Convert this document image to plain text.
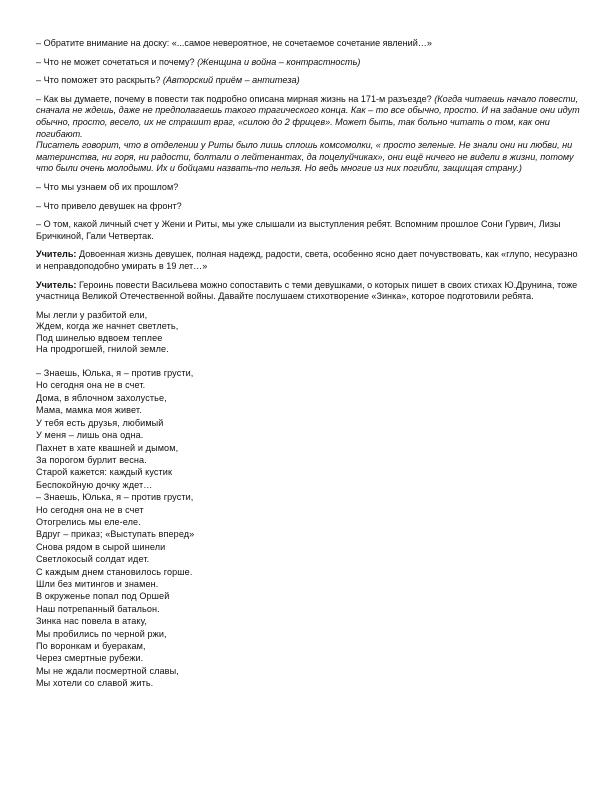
– Обратите внимание на доску: «...самое невероятное, не сочетаемое сочетание явлений…»

– Что не может сочетаться и почему? (Женщина и война – контрастность)

– Что поможет это раскрыть? (Авторский приём – антитеза)

– Как вы думаете, почему в повести так подробно описана мирная жизнь на 171-м разъезде? (Когда читаешь начало повести, сначала не ждешь, даже не предполагаешь такого трагического конца. Как – то все обычно, просто. И на задание они идут обычно, просто, весело, их не страшит враг, «силою до 2 фрицев». Может быть, так больно читать о том, как они погибают.

Писатель говорит, что в отделении у Риты было лишь сплошь комсомолки, « просто зеленые. Не знали они ни любви, ни материнства, ни горя, ни радости, болтали о лейтенантах, да поцелуйчиках», они ещё ничего не видели в жизни, потому что были очень молодыми. Их и бойцами назвать-то нельзя. Но ведь многие из них погибли, защищая страну.)

– Что мы узнаем об их прошлом?

– Что привело девушек на фронт?

– О том, какой личный счет у Жени и Риты, мы уже слышали из выступления ребят. Вспомним прошлое Сони Гурвич, Лизы Бричкиной, Гали Четвертак.

Учитель: Довоенная жизнь девушек, полная надежд, радости, света, особенно ясно дает почувствовать, как «глупо, несуразно и неправдоподобно умирать в 19 лет…»

Учитель: Героинь повести Васильева можно сопоставить с теми девушками, о которых пишет в своих стихах Ю.Друнина, тоже участница Великой Отечественной войны. Давайте послушаем стихотворение «Зинка», которое подготовили ребята.

Мы легли у разбитой ели,
Ждем, когда же начнет светлеть,
Под шинелью вдвоем теплее
На продрогшей, гнилой земле.
– Знаешь, Юлька, я – против грусти,
Но сегодня она не в счет.
Дома, в яблочном захолустье,
Мама, мамка моя живет.
У тебя есть друзья, любимый
У меня – лишь она одна.
Пахнет в хате квашней и дымом,
За порогом бурлит весна.
Старой кажется: каждый кустик
Беспокойную дочку ждет…
– Знаешь, Юлька, я – против грусти,
Но сегодня она не в счет
Отогрелись мы еле-еле.
Вдруг – приказ; «Выступать вперед»
Снова рядом в сырой шинели
Светлокосый солдат идет.
С каждым днем становилось горше.
Шли без митингов и знамен.
В окруженье попал под Оршей
Наш потрепанный батальон.
Зинка нас повела в атаку,
Мы пробились по черной ржи,
По воронкам и буеракам,
Через смертные рубежи.
Мы не ждали посмертной славы,
Мы хотели со славой жить.
